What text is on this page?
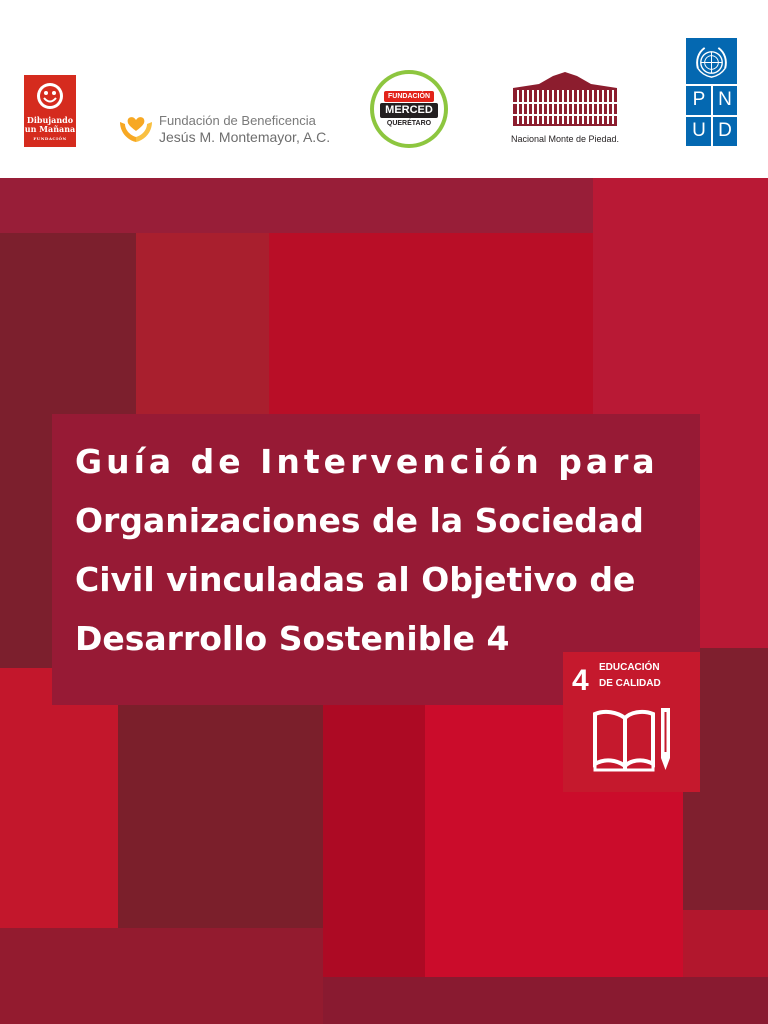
Dibujando
un Mañana
FUNDACIÓN
Fundación de Beneficencia
Jesús M. Montemayor, A.C.
FUNDACIÓN
MERCED
QUERÉTARO
Nacional Monte de Piedad.
P N
U D
Guía de Intervención para
Organizaciones de la Sociedad
Civil vinculadas al Objetivo de
Desarrollo Sostenible 4
4 EDUCACIÓN
DE CALIDAD
